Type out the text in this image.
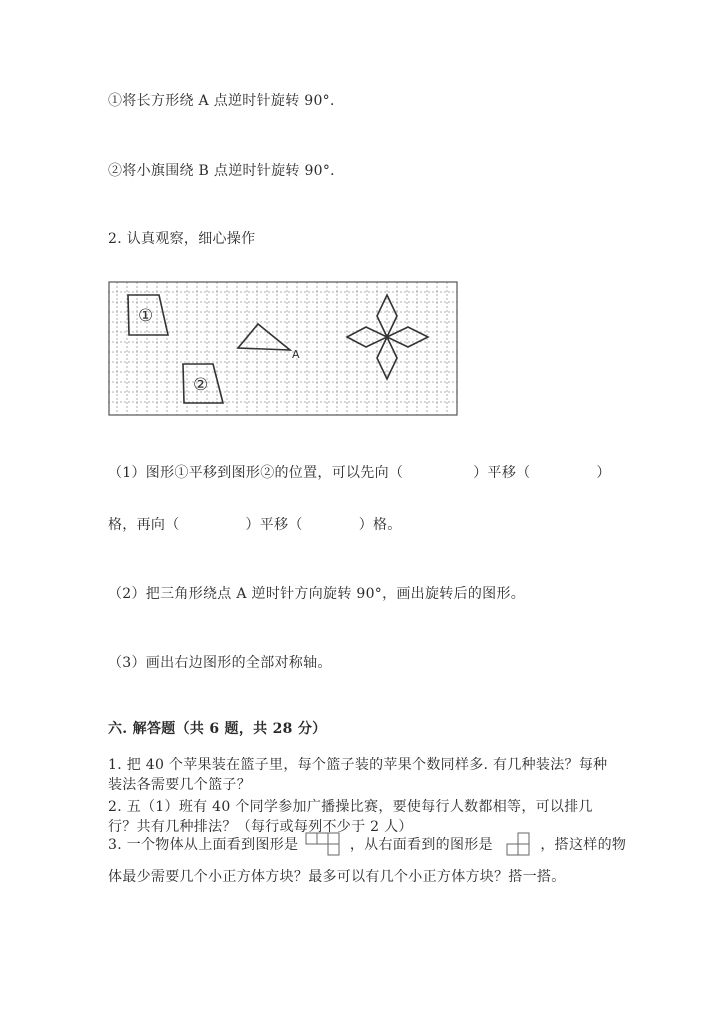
①将长方形绕 A 点逆时针旋转 90°．
②将小旗围绕 B 点逆时针旋转 90°．
2. 认真观察，细心操作
①
②
A
（1）图形①平移到图形②的位置，可以先向（	）平移（	）
格，再向（	）平移（	）格。
（2）把三角形绕点 A 逆时针方向旋转 90°，画出旋转后的图形。
（3）画出右边图形的全部对称轴。
六. 解答题（共 6 题，共 28 分）
1. 把 40 个苹果装在篮子里，每个篮子装的苹果个数同样多. 有几种装法？每种
装法各需要几个篮子？
2. 五（1）班有 40 个同学参加广播操比赛，要使每行人数都相等，可以排几
行？共有几种排法？（每行或每列不少于 2 人）
3. 一个物体从上面看到图形是	，从右面看到的图形是	，搭这样的物
体最少需要几个小正方体方块？最多可以有几个小正方体方块？搭一搭。
